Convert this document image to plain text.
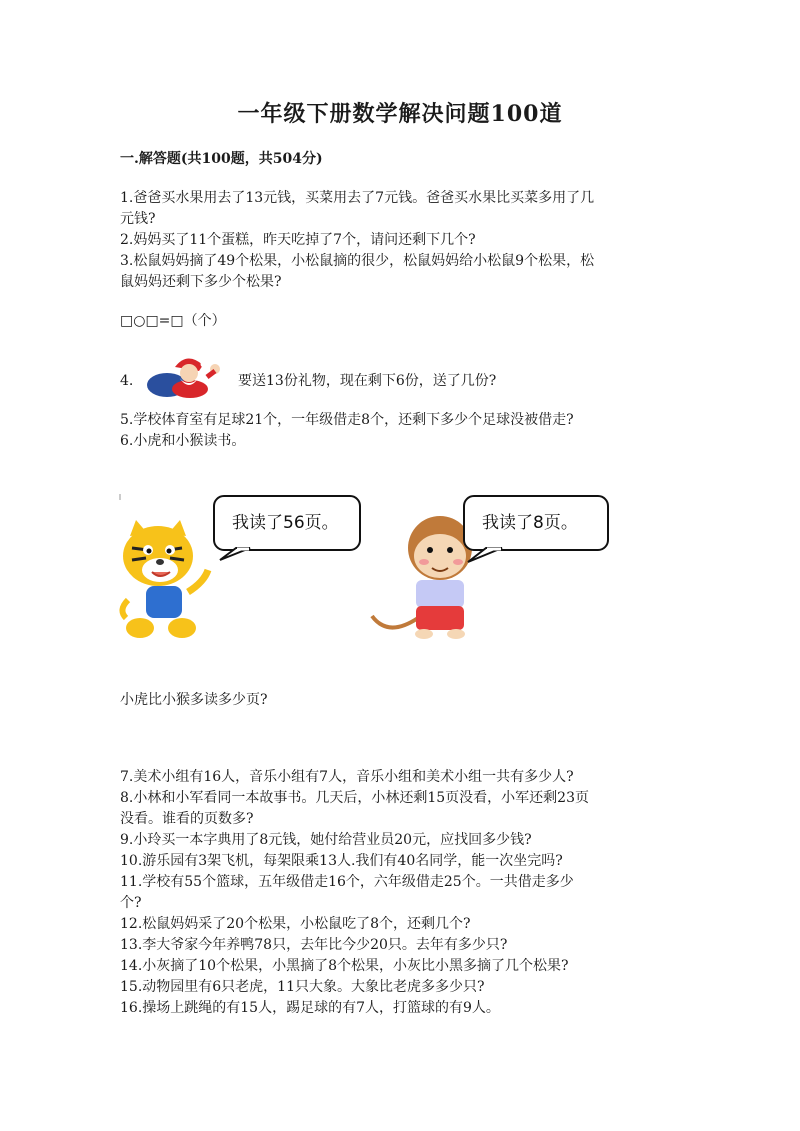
一年级下册数学解决问题100道
一.解答题(共100题，共504分)
1.爸爸买水果用去了13元钱，买菜用去了7元钱。爸爸买水果比买菜多用了几
元钱?
2.妈妈买了11个蛋糕，昨天吃掉了7个，请问还剩下几个?
3.松鼠妈妈摘了49个松果，小松鼠摘的很少，松鼠妈妈给小松鼠9个松果，松
鼠妈妈还剩下多少个松果?
□○□=□（个）
4.	要送13份礼物，现在剩下6份，送了几份?
5.学校体育室有足球21个，一年级借走8个，还剩下多少个足球没被借走?
6.小虎和小猴读书。
我读了56页。	我读了8页。
小虎比小猴多读多少页?
7.美术小组有16人，音乐小组有7人，音乐小组和美术小组一共有多少人?
8.小林和小军看同一本故事书。几天后，小林还剩15页没看，小军还剩23页
没看。谁看的页数多?
9.小玲买一本字典用了8元钱，她付给营业员20元，应找回多少钱?
10.游乐园有3架飞机，每架限乘13人.我们有40名同学，能一次坐完吗?
11.学校有55个篮球，五年级借走16个，六年级借走25个。一共借走多少
个?
12.松鼠妈妈采了20个松果，小松鼠吃了8个，还剩几个?
13.李大爷家今年养鸭78只，去年比今少20只。去年有多少只?
14.小灰摘了10个松果，小黑摘了8个松果，小灰比小黑多摘了几个松果?
15.动物园里有6只老虎，11只大象。大象比老虎多多少只?
16.操场上跳绳的有15人，踢足球的有7人，打篮球的有9人。
